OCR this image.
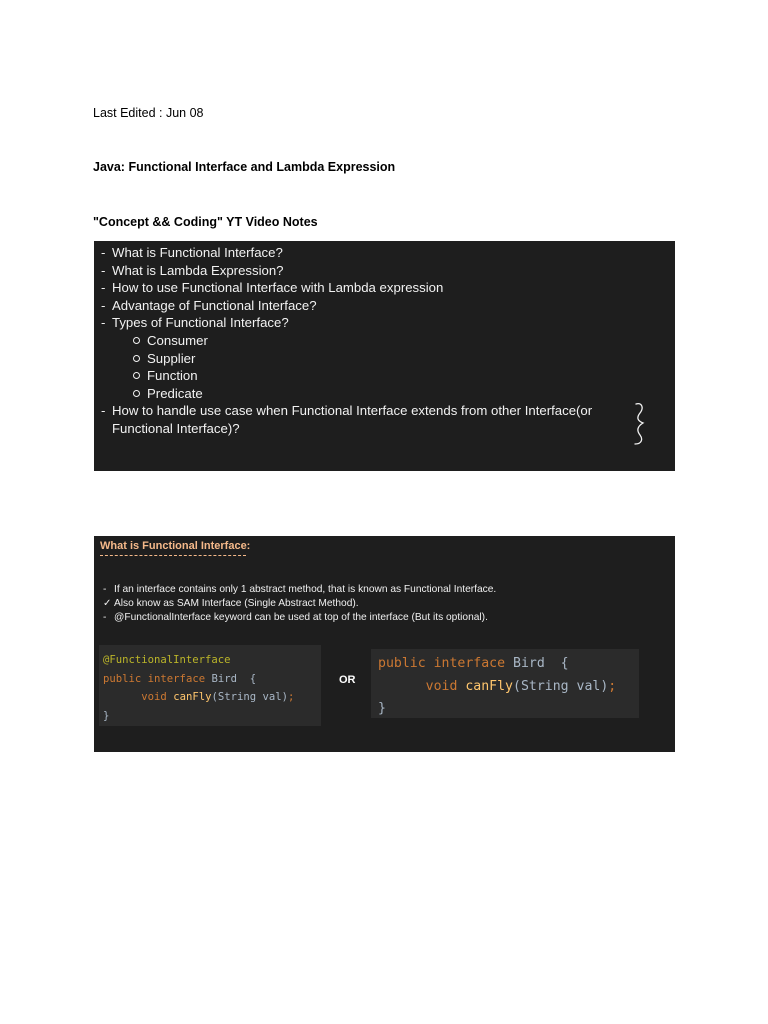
Last Edited : Jun 08
Java: Functional Interface and Lambda Expression
"Concept && Coding" YT Video Notes
- What is Functional Interface?
- What is Lambda Expression?
- How to use Functional Interface with Lambda expression
- Advantage of Functional Interface?
- Types of Functional Interface?
Consumer
Supplier
Function
Predicate
- How to handle use case when Functional Interface extends from other Interface(or
Functional Interface)?
What is Functional Interface:
- If an interface contains only 1 abstract method, that is known as Functional Interface.
✓ Also know as SAM Interface (Single Abstract Method).
- @FunctionalInterface keyword can be used at top of the interface (But its optional).
@FunctionalInterface
public interface Bird {
void canFly(String val);
}
OR
public interface Bird {
void canFly(String val);
}
